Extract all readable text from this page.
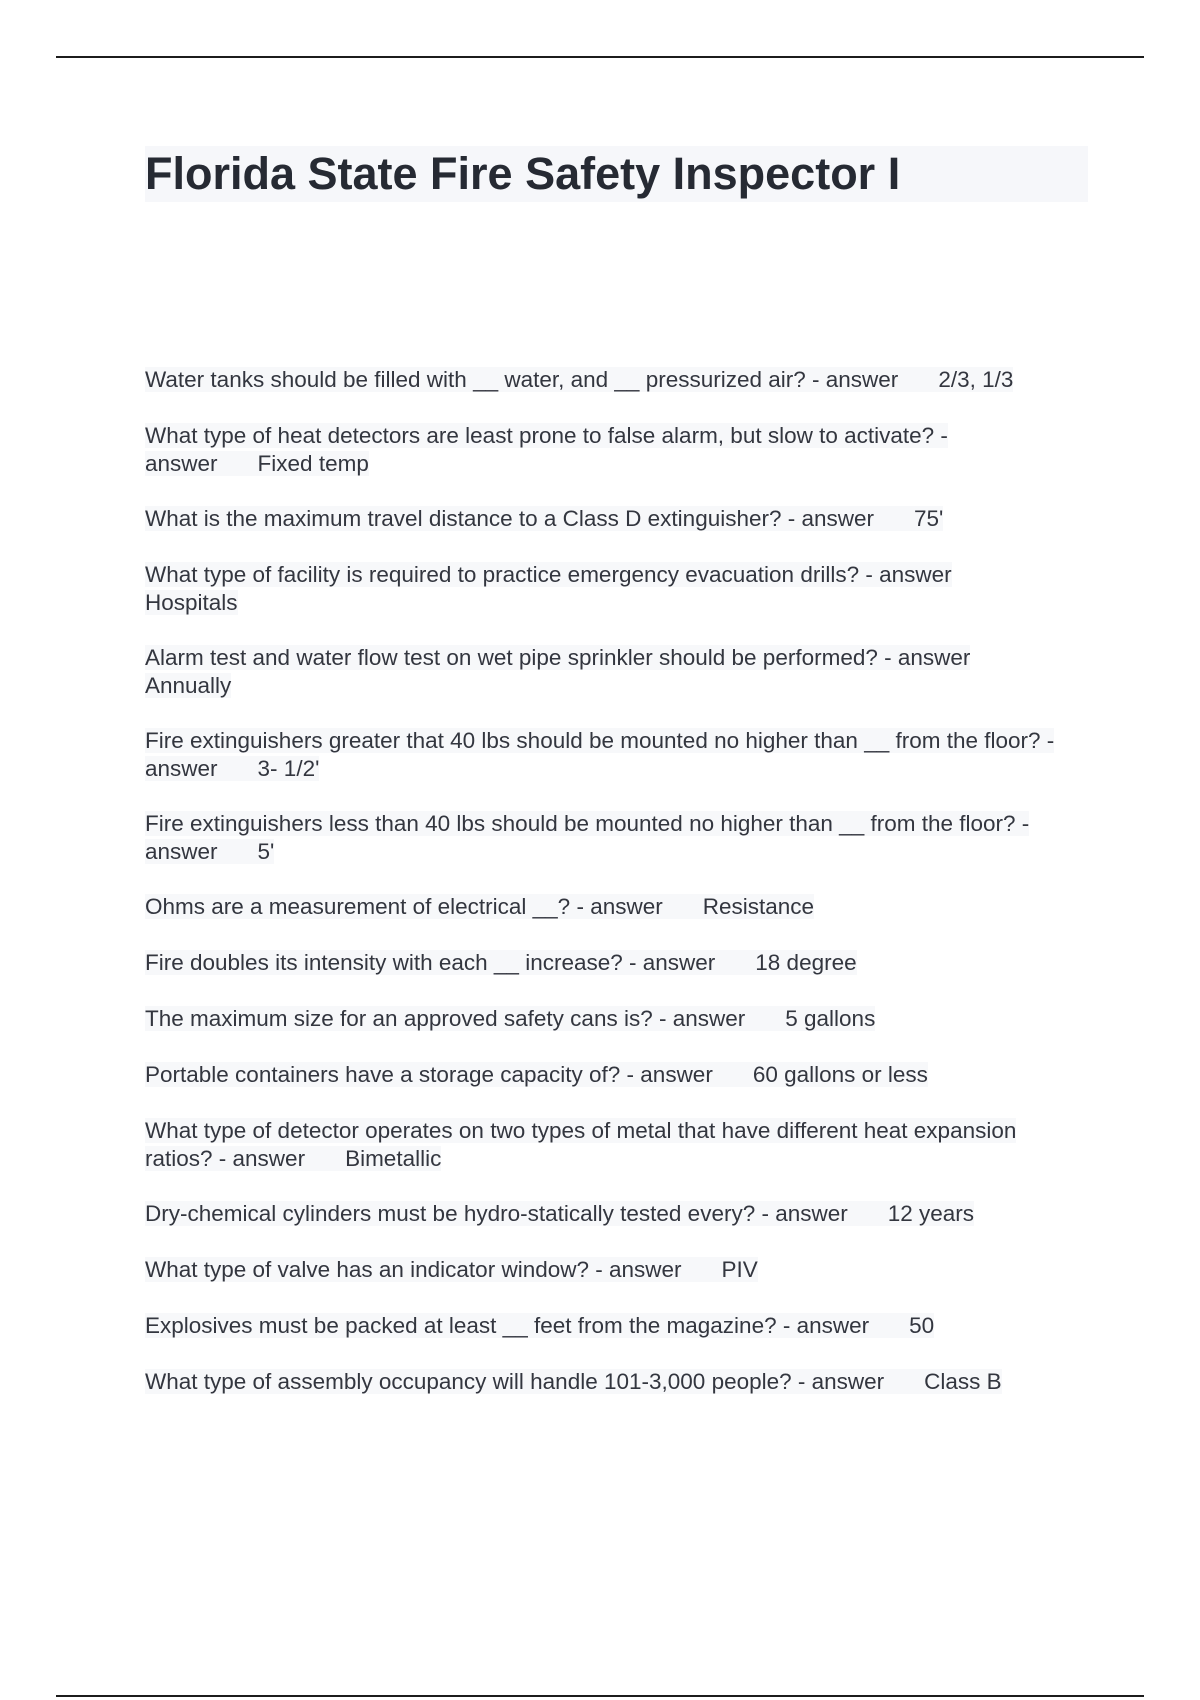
Florida State Fire Safety Inspector I
Water tanks should be filled with __ water, and __ pressurized air? - answer 2/3, 1/3
What type of heat detectors are least prone to false alarm, but slow to activate? - answer Fixed temp
What is the maximum travel distance to a Class D extinguisher? - answer 75'
What type of facility is required to practice emergency evacuation drills? - answer
Hospitals
Alarm test and water flow test on wet pipe sprinkler should be performed? - answer
Annually
Fire extinguishers greater that 40 lbs should be mounted no higher than __ from the floor? - answer 3- 1/2'
Fire extinguishers less than 40 lbs should be mounted no higher than __ from the floor? - answer 5'
Ohms are a measurement of electrical __? - answer Resistance
Fire doubles its intensity with each __ increase? - answer 18 degree
The maximum size for an approved safety cans is? - answer 5 gallons
Portable containers have a storage capacity of? - answer 60 gallons or less
What type of detector operates on two types of metal that have different heat expansion ratios? - answer Bimetallic
Dry-chemical cylinders must be hydro-statically tested every? - answer 12 years
What type of valve has an indicator window? - answer PIV
Explosives must be packed at least __ feet from the magazine? - answer 50
What type of assembly occupancy will handle 101-3,000 people? - answer Class B
